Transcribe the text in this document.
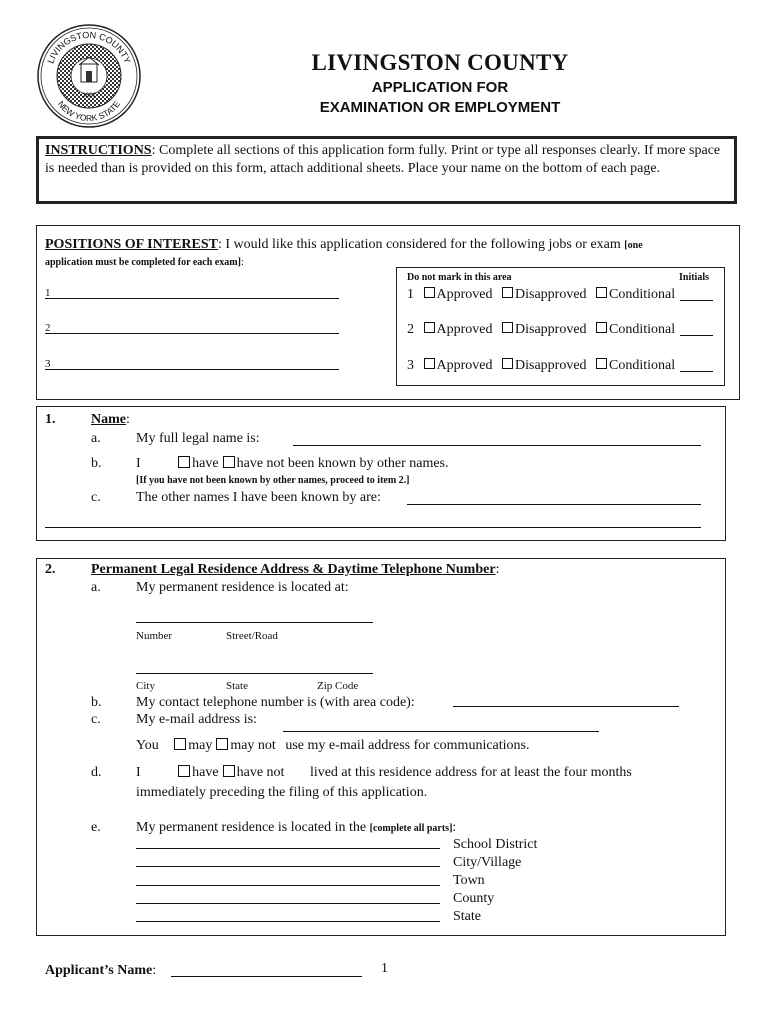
LIVINGSTON COUNTY
NEW YORK STATE
1821
LIVINGSTON COUNTY
APPLICATION FOR
EXAMINATION OR EMPLOYMENT
INSTRUCTIONS: Complete all sections of this application form fully. Print or type all responses clearly. If more space is needed than is provided on this form, attach additional sheets. Place your name on the bottom of each page.
POSITIONS OF INTEREST: I would like this application considered for the following jobs or exam [one
application must be completed for each exam]:
Do not mark in this area	Initials
1
2
3
1 Approved Disapproved Conditional
2 Approved Disapproved Conditional
3 Approved Disapproved Conditional
1.	Name:
a.	My full legal name is:
b. I	have have not been known by other names.
[If you have not been known by other names, proceed to item 2.]
c.	The other names I have been known by are:
2.	Permanent Legal Residence Address & Daytime Telephone Number:
a.	My permanent residence is located at:
Number	Street/Road
City	State	Zip Code
b. My contact telephone number is (with area code):
c.	My e-mail address is:
You may may not use my e-mail address for communications.
d. I	have have not lived at this residence address for at least the four months
immediately preceding the filing of this application.
e.	My permanent residence is located in the [complete all parts]:
School District
City/Village
Town
County
State
Applicant’s Name:	1
